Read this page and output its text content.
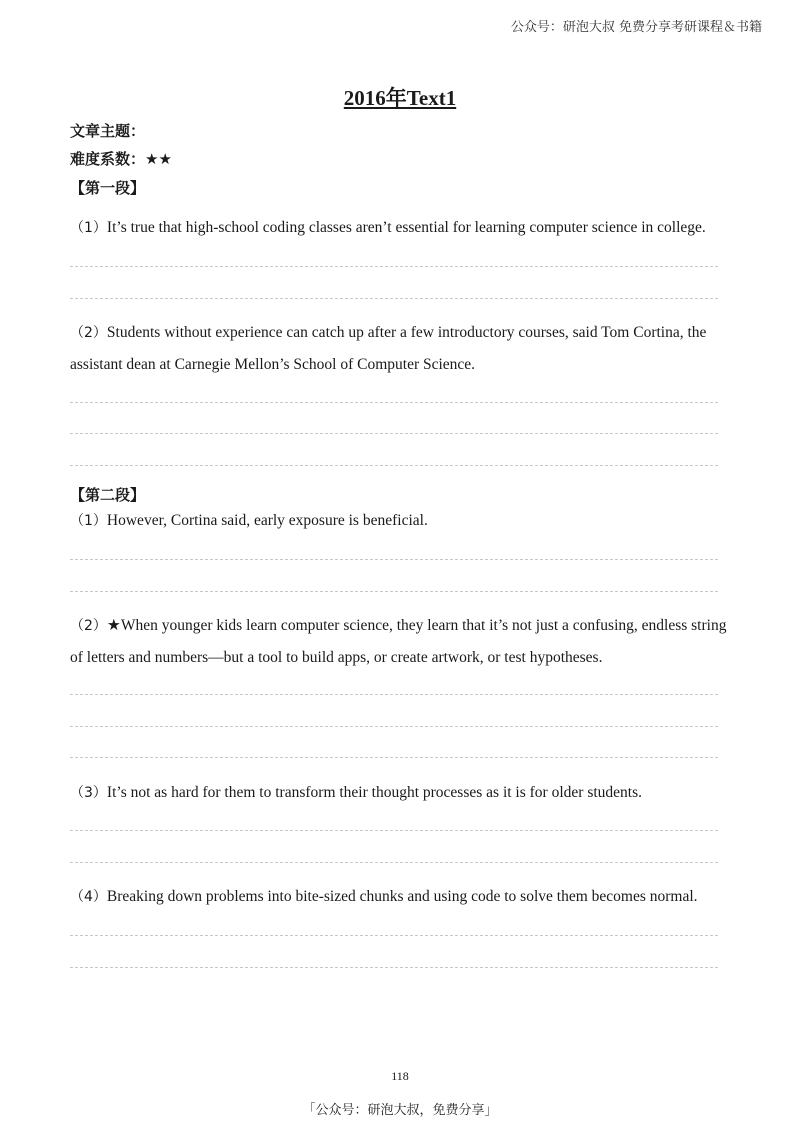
公众号：研泡大叔 免费分享考研课程＆书籍
2016年Text1
文章主题：
难度系数：★★
【第一段】
（1）It’s true that high-school coding classes aren’t essential for learning computer science in college.
（2）Students without experience can catch up after a few introductory courses, said Tom Cortina, the assistant dean at Carnegie Mellon’s School of Computer Science.
【第二段】
（1）However, Cortina said, early exposure is beneficial.
（2）★When younger kids learn computer science, they learn that it’s not just a confusing, endless string of letters and numbers—but a tool to build apps, or create artwork, or test hypotheses.
（3）It’s not as hard for them to transform their thought processes as it is for older students.
（4）Breaking down problems into bite-sized chunks and using code to solve them becomes normal.
118
「公众号：研泡大叔，免费分享」
